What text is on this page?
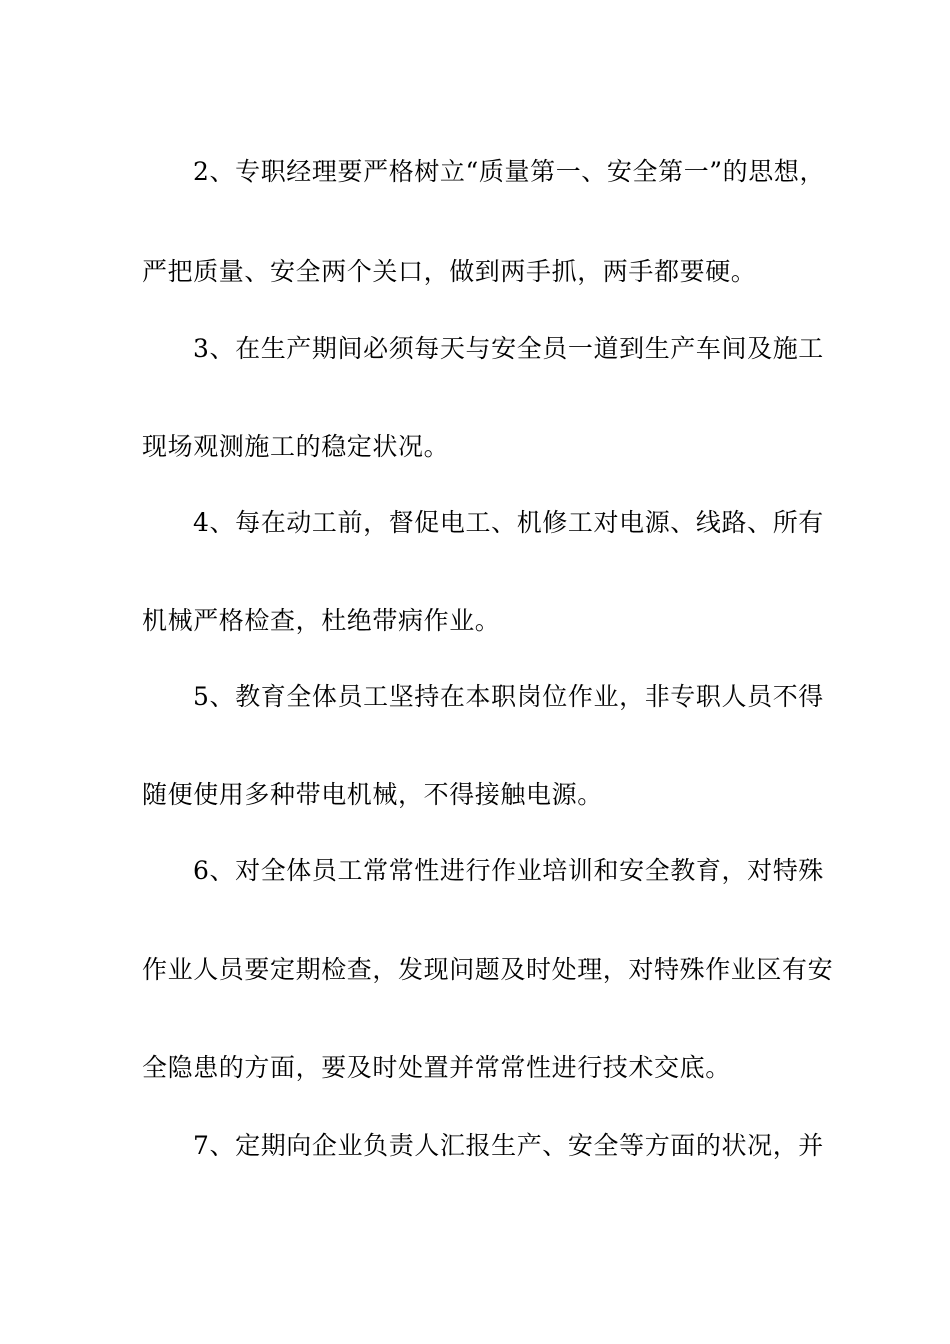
2、专职经理要严格树立“质量第一、安全第一”的思想，
严把质量、安全两个关口，做到两手抓，两手都要硬。
3、在生产期间必须每天与安全员一道到生产车间及施工
现场观测施工的稳定状况。
4、每在动工前，督促电工、机修工对电源、线路、所有
机械严格检查，杜绝带病作业。
5、教育全体员工坚持在本职岗位作业，非专职人员不得
随便使用多种带电机械，不得接触电源。
6、对全体员工常常性进行作业培训和安全教育，对特殊
作业人员要定期检查，发现问题及时处理，对特殊作业区有安
全隐患的方面，要及时处置并常常性进行技术交底。
7、定期向企业负责人汇报生产、安全等方面的状况，并
